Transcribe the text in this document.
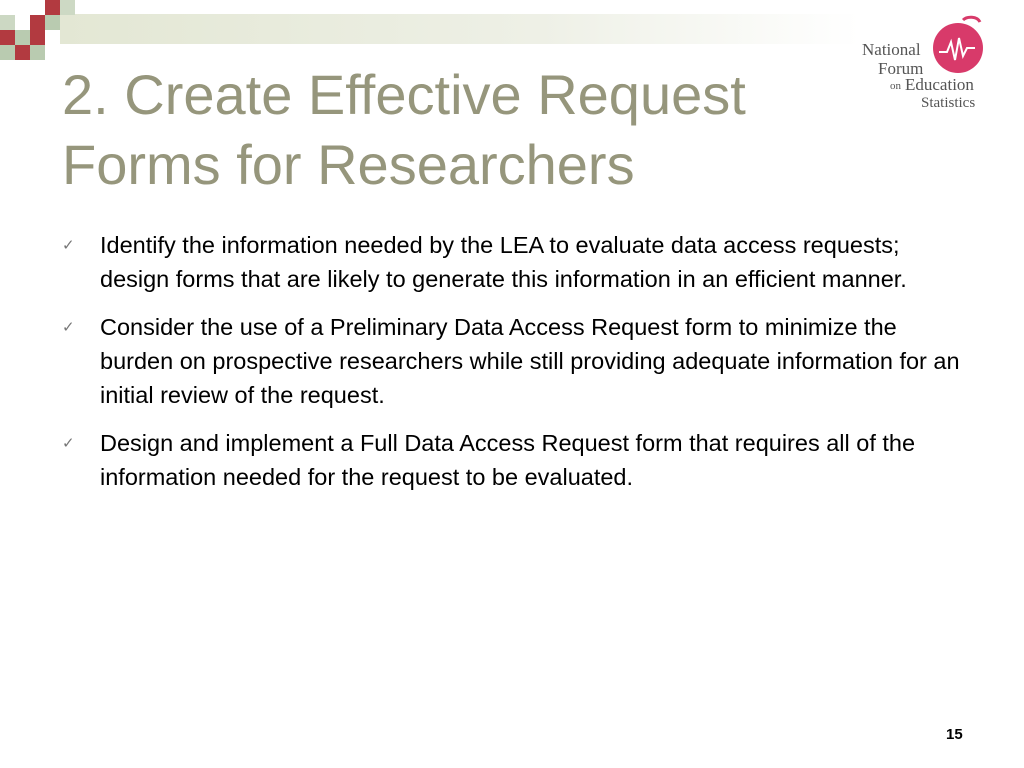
2. Create Effective Request
Forms for Researchers
National
Forum
on Education
Statistics
✓ Identify the information needed by the LEA to evaluate data access requests; design forms that are likely to generate this information in an efficient manner.
✓ Consider the use of a Preliminary Data Access Request form to minimize the burden on prospective researchers while still providing adequate information for an initial review of the request.
✓ Design and implement a Full Data Access Request form that requires all of the information needed for the request to be evaluated.
15
